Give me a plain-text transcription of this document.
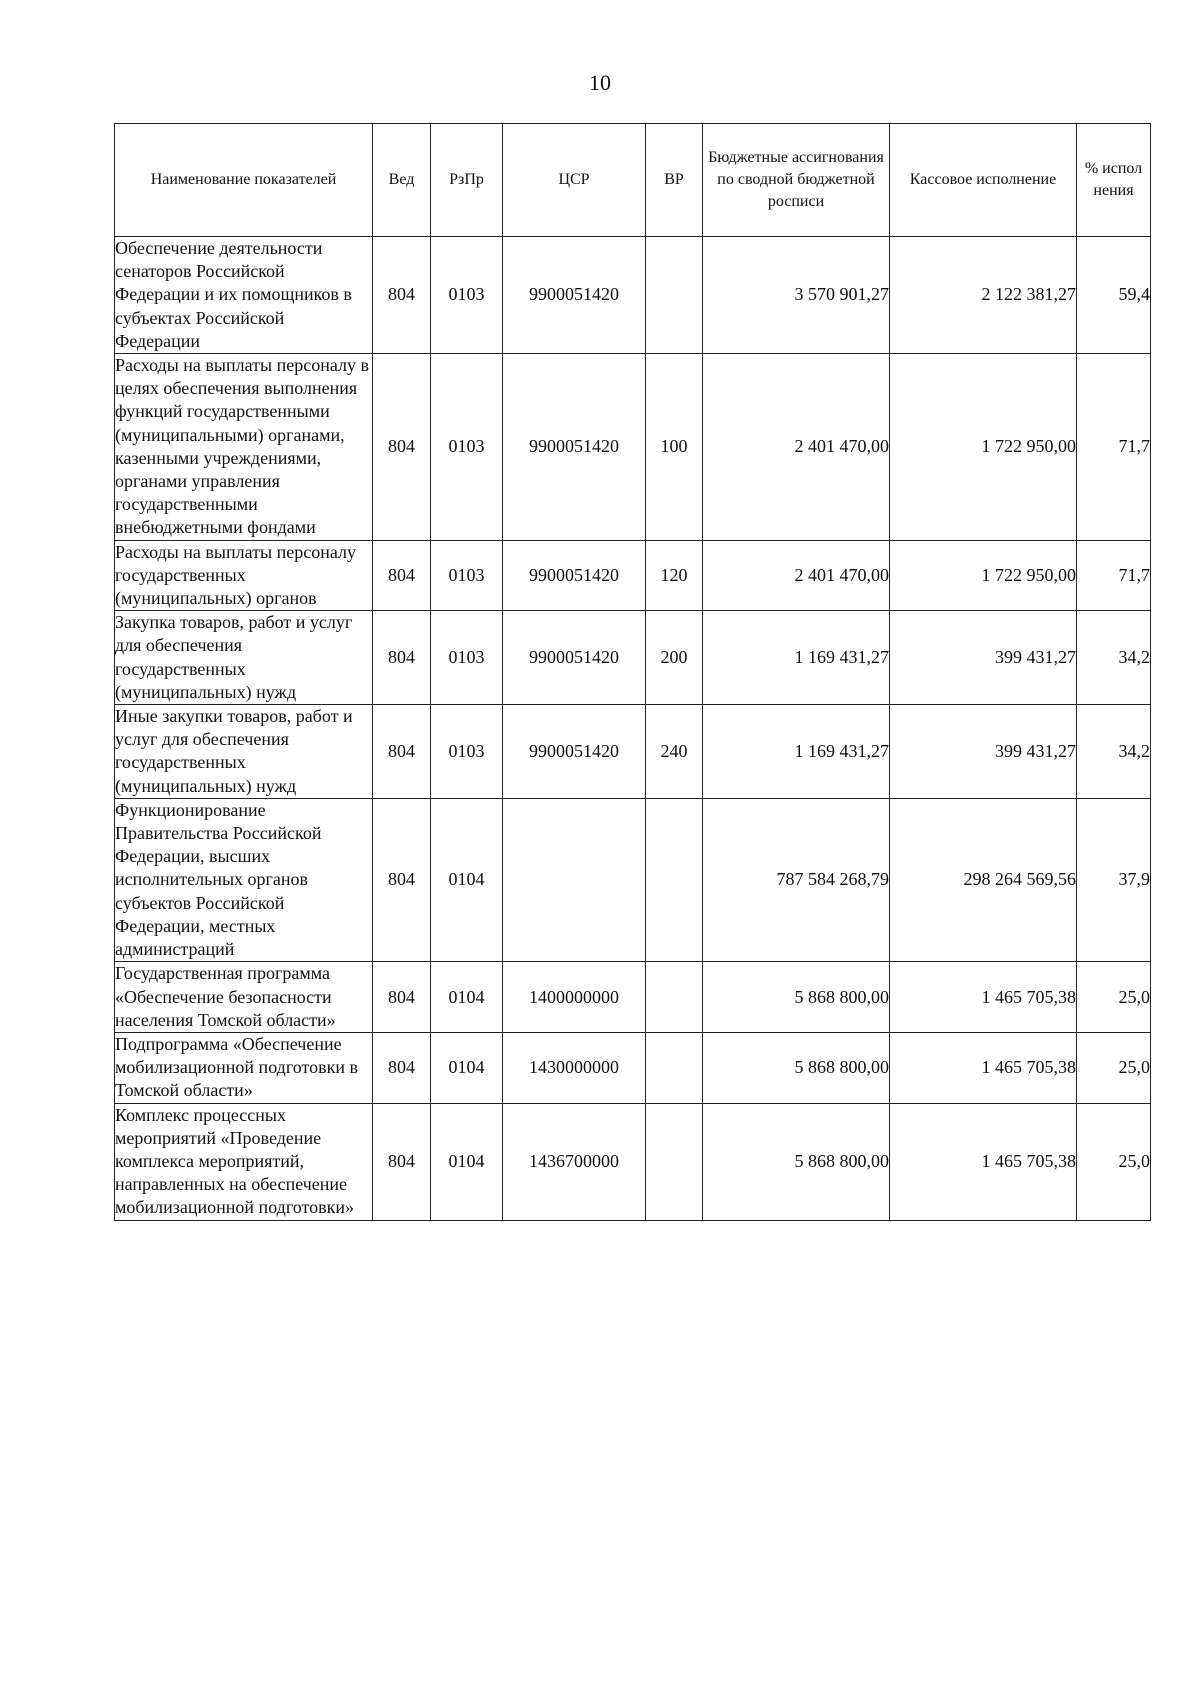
10
Наименование показателей	Вед	РзПр	ЦСР	ВР	Бюджетные ассигнования по сводной бюджетной росписи	Кассовое исполнение	% испол нения
Обеспечение деятельности сенаторов Российской Федерации и их помощников в субъектах Российской Федерации	804	0103	9900051420		3 570 901,27	2 122 381,27	59,4
Расходы на выплаты персоналу в целях обеспечения выполнения функций государственными (муниципальными) органами, казенными учреждениями, органами управления государственными внебюджетными фондами	804	0103	9900051420	100	2 401 470,00	1 722 950,00	71,7
Расходы на выплаты персоналу государственных (муниципальных) органов	804	0103	9900051420	120	2 401 470,00	1 722 950,00	71,7
Закупка товаров, работ и услуг для обеспечения государственных (муниципальных) нужд	804	0103	9900051420	200	1 169 431,27	399 431,27	34,2
Иные закупки товаров, работ и услуг для обеспечения государственных (муниципальных) нужд	804	0103	9900051420	240	1 169 431,27	399 431,27	34,2
Функционирование Правительства Российской Федерации, высших исполнительных органов субъектов Российской Федерации, местных администраций	804	0104			787 584 268,79	298 264 569,56	37,9
Государственная программа «Обеспечение безопасности населения Томской области»	804	0104	1400000000		5 868 800,00	1 465 705,38	25,0
Подпрограмма «Обеспечение мобилизационной подготовки в Томской области»	804	0104	1430000000		5 868 800,00	1 465 705,38	25,0
Комплекс процессных мероприятий «Проведение комплекса мероприятий, направленных на обеспечение мобилизационной подготовки»	804	0104	1436700000		5 868 800,00	1 465 705,38	25,0
